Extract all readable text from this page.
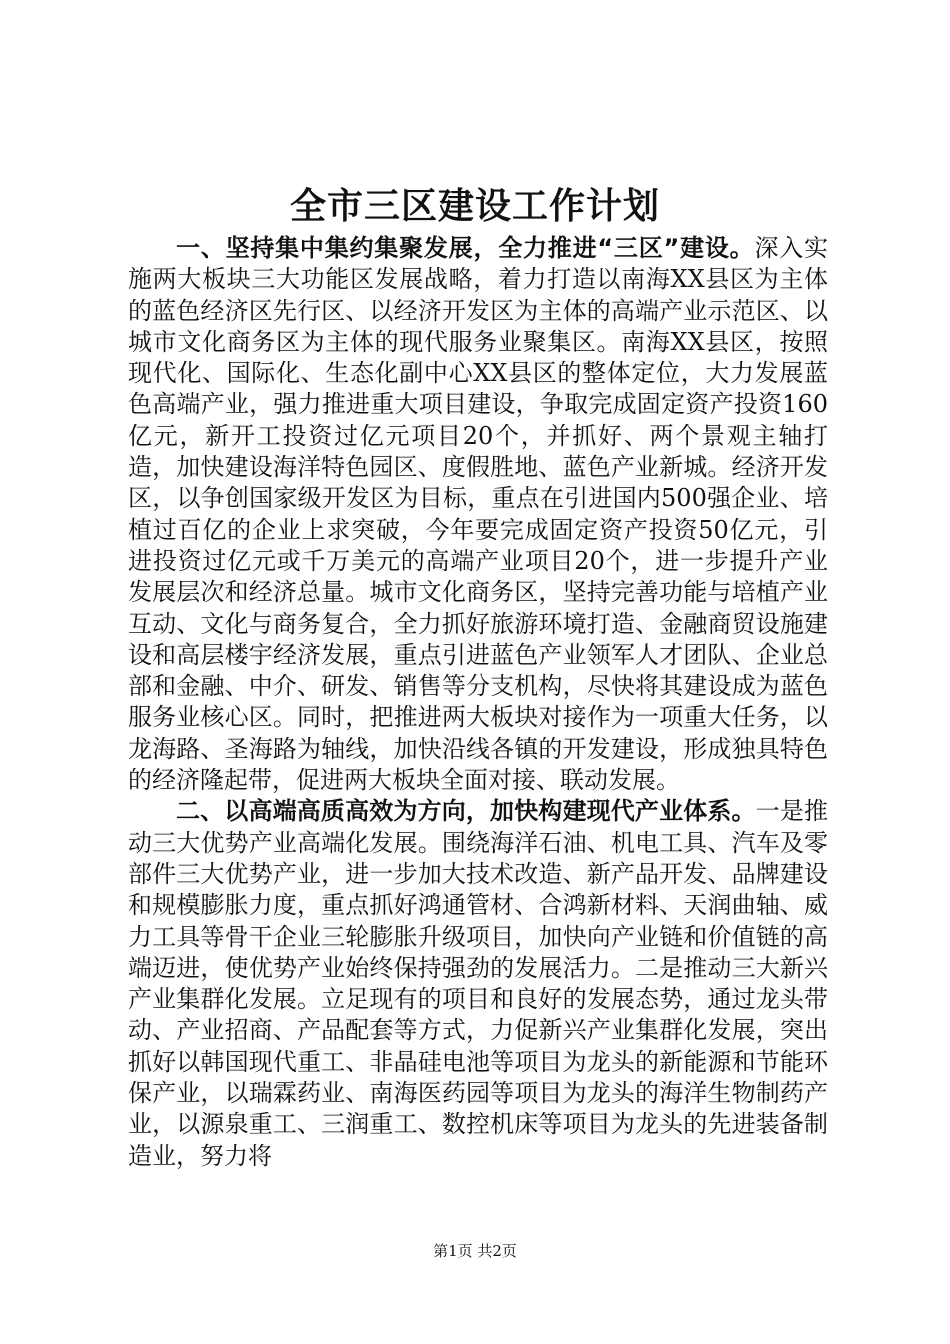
全市三区建设工作计划

一、坚持集中集约集聚发展，全力推进“三区”建设。深入实施两大板块三大功能区发展战略，着力打造以南海XX县区为主体的蓝色经济区先行区、以经济开发区为主体的高端产业示范区、以城市文化商务区为主体的现代服务业聚集区。南海XX县区，按照现代化、国际化、生态化副中心XX县区的整体定位，大力发展蓝色高端产业，强力推进重大项目建设，争取完成固定资产投资160亿元，新开工投资过亿元项目20个，并抓好、两个景观主轴打造，加快建设海洋特色园区、度假胜地、蓝色产业新城。经济开发区，以争创国家级开发区为目标，重点在引进国内500强企业、培植过百亿的企业上求突破，今年要完成固定资产投资50亿元，引进投资过亿元或千万美元的高端产业项目20个，进一步提升产业发展层次和经济总量。城市文化商务区，坚持完善功能与培植产业互动、文化与商务复合，全力抓好旅游环境打造、金融商贸设施建设和高层楼宇经济发展，重点引进蓝色产业领军人才团队、企业总部和金融、中介、研发、销售等分支机构，尽快将其建设成为蓝色服务业核心区。同时，把推进两大板块对接作为一项重大任务，以龙海路、圣海路为轴线，加快沿线各镇的开发建设，形成独具特色的经济隆起带，促进两大板块全面对接、联动发展。

二、以高端高质高效为方向，加快构建现代产业体系。一是推动三大优势产业高端化发展。围绕海洋石油、机电工具、汽车及零部件三大优势产业，进一步加大技术改造、新产品开发、品牌建设和规模膨胀力度，重点抓好鸿通管材、合鸿新材料、天润曲轴、威力工具等骨干企业三轮膨胀升级项目，加快向产业链和价值链的高端迈进，使优势产业始终保持强劲的发展活力。二是推动三大新兴产业集群化发展。立足现有的项目和良好的发展态势，通过龙头带动、产业招商、产品配套等方式，力促新兴产业集群化发展，突出抓好以韩国现代重工、非晶硅电池等项目为龙头的新能源和节能环保产业，以瑞霖药业、南海医药园等项目为龙头的海洋生物制药产业，以源泉重工、三润重工、数控机床等项目为龙头的先进装备制造业，努力将

第1页 共2页
